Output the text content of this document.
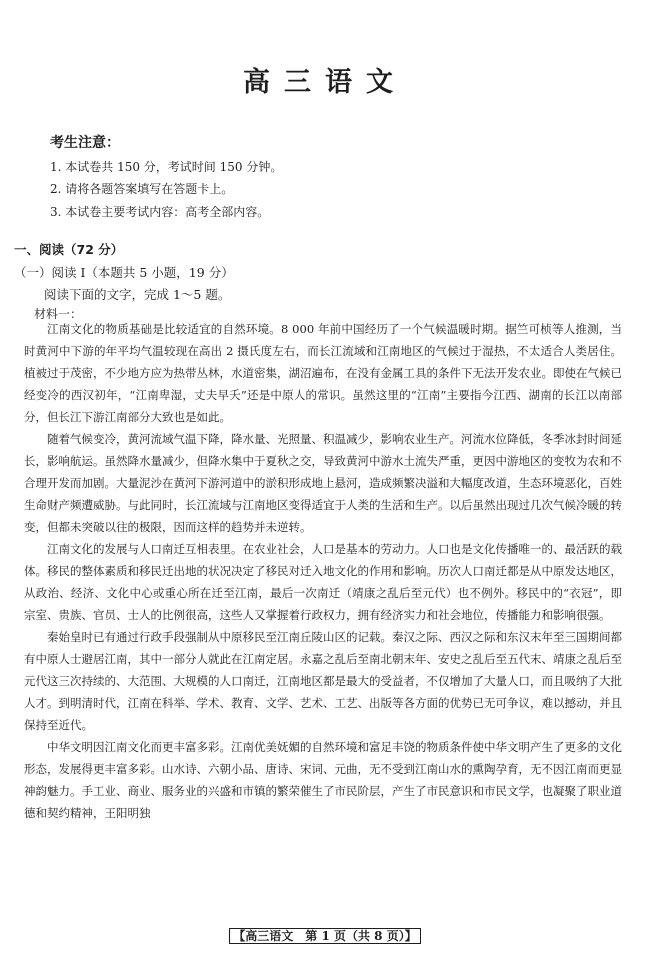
高三语文
考生注意：
1. 本试卷共 150 分，考试时间 150 分钟。
2. 请将各题答案填写在答题卡上。
3. 本试卷主要考试内容：高考全部内容。
一、阅读（72 分）
（一）阅读 I（本题共 5 小题，19 分）
阅读下面的文字，完成 1～5 题。
材料一：

江南文化的物质基础是比较适宜的自然环境。8 000 年前中国经历了一个气候温暖时期。据竺可桢等人推测，当时黄河中下游的年平均气温较现在高出 2 摄氏度左右，而长江流域和江南地区的气候过于湿热，不太适合人类居住。植被过于茂密，不少地方应为热带丛林，水道密集，湖沼遍布，在没有金属工具的条件下无法开发农业。即使在气候已经变冷的西汉初年，“江南卑湿，丈夫早夭”还是中原人的常识。虽然这里的“江南”主要指今江西、湖南的长江以南部分，但长江下游江南部分大致也是如此。

随着气候变冷，黄河流域气温下降，降水量、光照量、积温减少，影响农业生产。河流水位降低，冬季冰封时间延长，影响航运。虽然降水量减少，但降水集中于夏秋之交，导致黄河中游水土流失严重，更因中游地区的变牧为农和不合理开发而加剧。大量泥沙在黄河下游河道中的淤积形成地上悬河，造成频繁决溢和大幅度改道，生态环境恶化，百姓生命财产频遭威胁。与此同时，长江流域与江南地区变得适宜于人类的生活和生产。以后虽然出现过几次气候冷暖的转变，但都未突破以往的极限，因而这样的趋势并未逆转。

江南文化的发展与人口南迁互相表里。在农业社会，人口是基本的劳动力。人口也是文化传播唯一的、最活跃的载体。移民的整体素质和移民迁出地的状况决定了移民对迁入地文化的作用和影响。历次人口南迁都是从中原发达地区，从政治、经济、文化中心或重心所在迁至江南，最后一次南迁（靖康之乱后至元代）也不例外。移民中的“衣冠”，即宗室、贵族、官员、士人的比例很高，这些人又掌握着行政权力，拥有经济实力和社会地位，传播能力和影响很强。

秦始皇时已有通过行政手段强制从中原移民至江南丘陵山区的记载。秦汉之际、西汉之际和东汉末年至三国期间都有中原人士避居江南，其中一部分人就此在江南定居。永嘉之乱后至南北朝末年、安史之乱后至五代末、靖康之乱后至元代这三次持续的、大范围、大规模的人口南迁，江南地区都是最大的受益者，不仅增加了大量人口，而且吸纳了大批人才。到明清时代，江南在科举、学术、教育、文学、艺术、工艺、出版等各方面的优势已无可争议，难以撼动，并且保持至近代。

中华文明因江南文化而更丰富多彩。江南优美妩媚的自然环境和富足丰饶的物质条件使中华文明产生了更多的文化形态，发展得更丰富多彩。山水诗、六朝小品、唐诗、宋词、元曲，无不受到江南山水的熏陶孕育，无不因江南而更显神韵魅力。手工业、商业、服务业的兴盛和市镇的繁荣催生了市民阶层，产生了市民意识和市民文学，也凝聚了职业道德和契约精神，王阳明独

【高三语文　第 1 页（共 8 页）】
